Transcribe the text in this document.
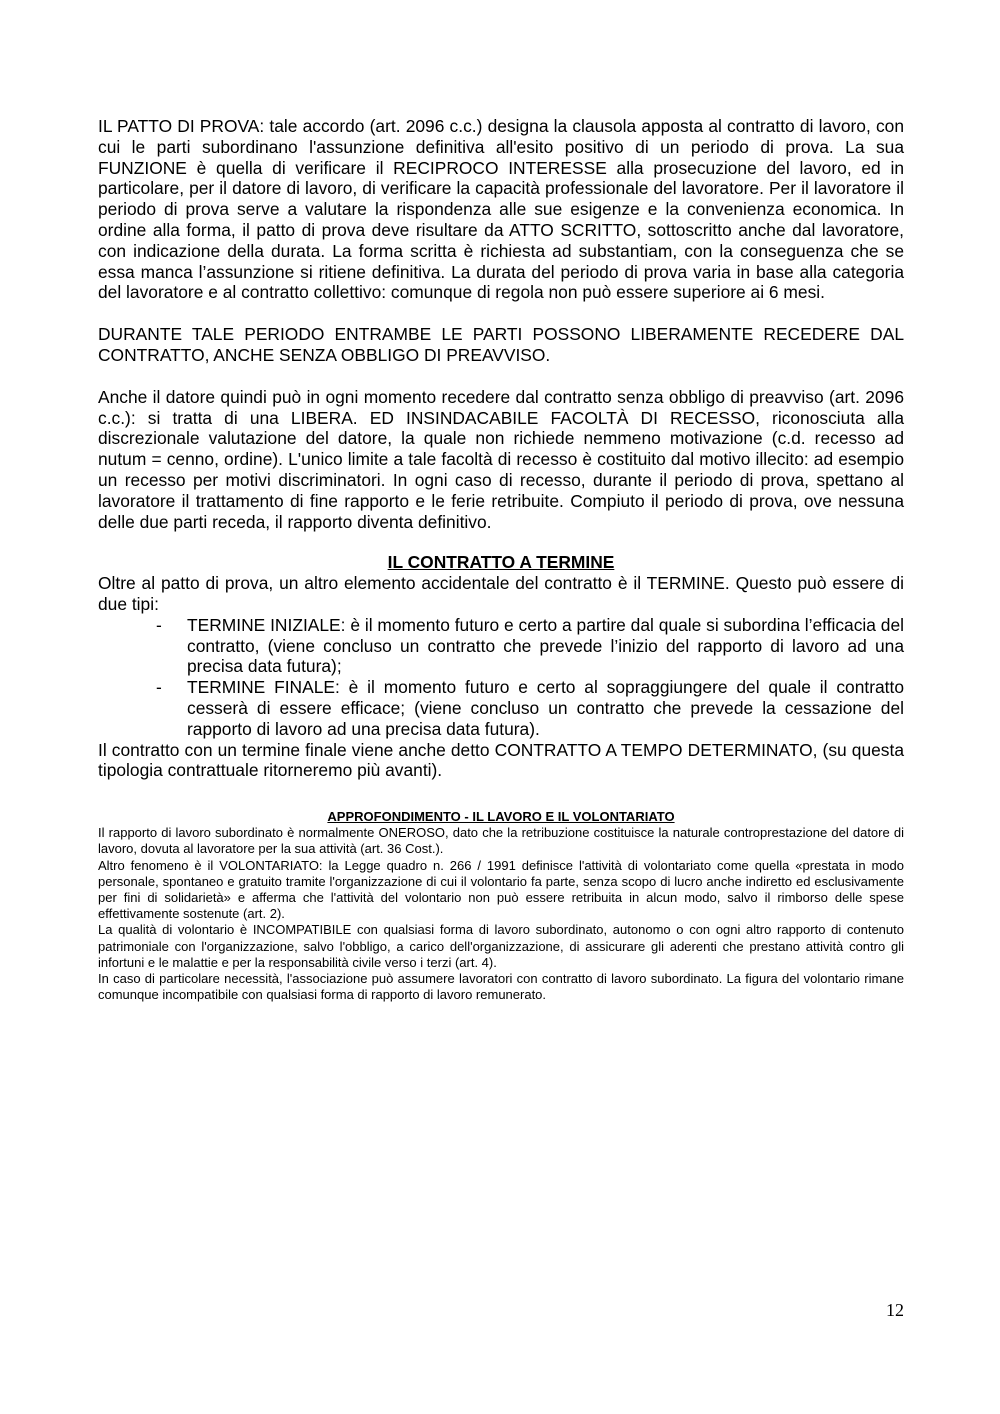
IL PATTO DI PROVA: tale accordo (art. 2096 c.c.) designa la clausola apposta al contratto di lavoro, con cui le parti subordinano l'assunzione definitiva all'esito positivo di un periodo di prova. La sua FUNZIONE è quella di verificare il RECIPROCO INTERESSE alla prosecuzione del lavoro, ed in particolare, per il datore di lavoro, di verificare la capacità professionale del lavoratore. Per il lavoratore il periodo di prova serve a valutare la rispondenza alle sue esigenze e la convenienza economica. In ordine alla forma, il patto di prova deve risultare da ATTO SCRITTO, sottoscritto anche dal lavoratore, con indicazione della durata. La forma scritta è richiesta ad substantiam, con la conseguenza che se essa manca l’assunzione si ritiene definitiva. La durata del periodo di prova varia in base alla categoria del lavoratore e al contratto collettivo: comunque di regola non può essere superiore ai 6 mesi.

DURANTE TALE PERIODO ENTRAMBE LE PARTI POSSONO LIBERAMENTE RECEDERE DAL CONTRATTO, ANCHE SENZA OBBLIGO DI PREAVVISO.

Anche il datore quindi può in ogni momento recedere dal contratto senza obbligo di preavviso (art. 2096 c.c.): si tratta di una LIBERA. ED INSINDACABILE FACOLTÀ DI RECESSO, riconosciuta alla discrezionale valutazione del datore, la quale non richiede nemmeno motivazione (c.d. recesso ad nutum = cenno, ordine). L'unico limite a tale facoltà di recesso è costituito dal motivo illecito: ad esempio un recesso per motivi discriminatori. In ogni caso di recesso, durante il periodo di prova, spettano al lavoratore il trattamento di fine rapporto e le ferie retribuite. Compiuto il periodo di prova, ove nessuna delle due parti receda, il rapporto diventa definitivo.

IL CONTRATTO A TERMINE

Oltre al patto di prova, un altro elemento accidentale del contratto è il TERMINE. Questo può essere di due tipi:

- TERMINE INIZIALE: è il momento futuro e certo a partire dal quale si subordina l’efficacia del contratto, (viene concluso un contratto che prevede l’inizio del rapporto di lavoro ad una precisa data futura);
- TERMINE FINALE: è il momento futuro e certo al sopraggiungere del quale il contratto cesserà di essere efficace; (viene concluso un contratto che prevede la cessazione del rapporto di lavoro ad una precisa data futura).

Il contratto con un termine finale viene anche detto CONTRATTO A TEMPO DETERMINATO, (su questa tipologia contrattuale ritorneremo più avanti).

APPROFONDIMENTO - IL LAVORO E IL VOLONTARIATO

Il rapporto di lavoro subordinato è normalmente ONEROSO, dato che la retribuzione costituisce la naturale controprestazione del datore di lavoro, dovuta al lavoratore per la sua attività (art. 36 Cost.).

Altro fenomeno è il VOLONTARIATO: la Legge quadro n. 266 / 1991 definisce l'attività di volontariato come quella «prestata in modo personale, spontaneo e gratuito tramite l'organizzazione di cui il volontario fa parte, senza scopo di lucro anche indiretto ed esclusivamente per fini di solidarietà» e afferma che l'attività del volontario non può essere retribuita in alcun modo, salvo il rimborso delle spese effettivamente sostenute (art. 2).

La qualità di volontario è INCOMPATIBILE con qualsiasi forma di lavoro subordinato, autonomo o con ogni altro rapporto di contenuto patrimoniale con l'organizzazione, salvo l'obbligo, a carico dell'organizzazione, di assicurare gli aderenti che prestano attività contro gli infortuni e le malattie e per la responsabilità civile verso i terzi (art. 4).

In caso di particolare necessità, l'associazione può assumere lavoratori con contratto di lavoro subordinato. La figura del volontario rimane comunque incompatibile con qualsiasi forma di rapporto di lavoro remunerato.

12
